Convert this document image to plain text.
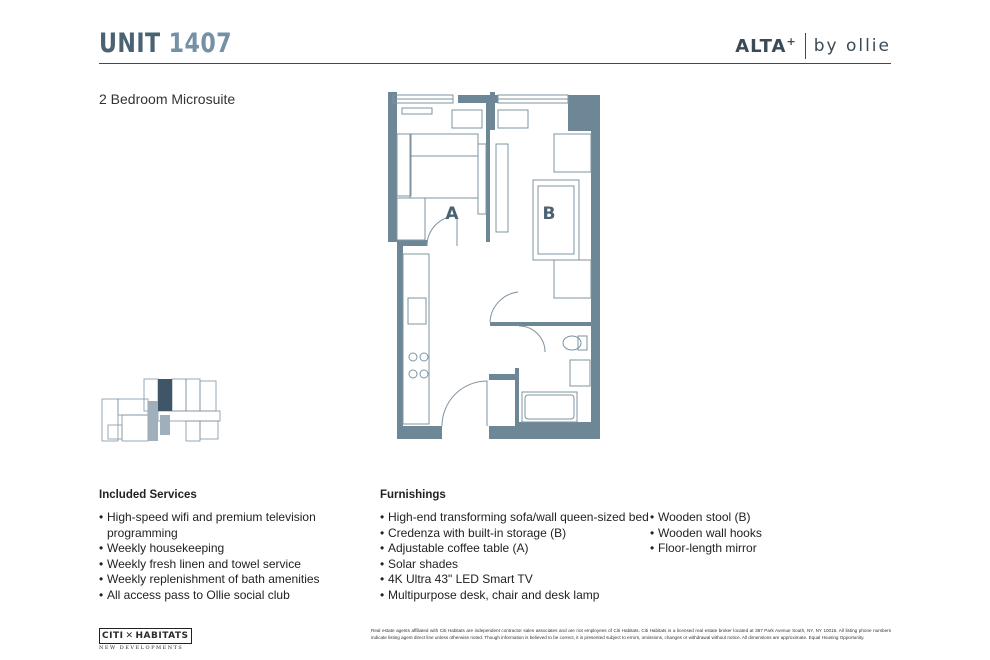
UNIT 1407	ALTA+ by ollie
2 Bedroom Microsuite
A	B
Included Services
• High-speed wifi and premium television programming
• Weekly housekeeping
• Weekly fresh linen and towel service
• Weekly replenishment of bath amenities
• All access pass to Ollie social club
Furnishings
• High-end transforming sofa/wall queen-sized bed
• Credenza with built-in storage (B)
• Adjustable coffee table (A)
• Solar shades
• 4K Ultra 43" LED Smart TV
• Multipurpose desk, chair and desk lamp
• Wooden stool (B)
• Wooden wall hooks
• Floor-length mirror
CITI ✕ HABITATS
NEW DEVELOPMENTS
Real estate agents affiliated with Citi Habitats are independent contractor sales associates and are not employees of Citi Habitats. Citi Habitats is a licensed real estate broker located at 387 Park Avenue South, NY, NY 10016. All listing phone numbers indicate listing agent direct line unless otherwise noted. Though information is believed to be correct, it is presented subject to errors, omissions, changes or withdrawal without notice. All dimensions are approximate. Equal Housing Opportunity.
